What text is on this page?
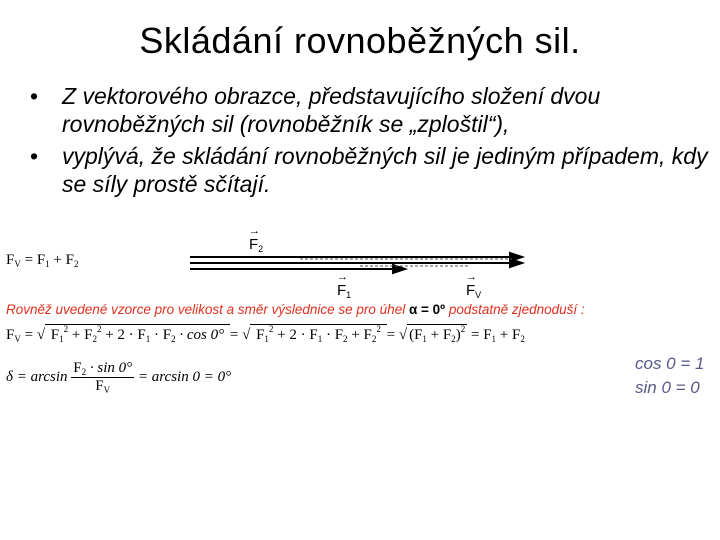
Skládání rovnoběžných sil.
• Z vektorového obrazce, představujícího složení dvou rovnoběžných sil (rovnoběžník se „zploštil“),
• vyplývá, že skládání rovnoběžných sil je jediným případem, kdy se síly prostě sčítají.
$F_V = F_1 + F_2$
→
$F_2$
→
$F_1$
→
$F_V$
Rovněž uvedené vzorce pro velikost a směr výslednice se pro úhel α = 0º podstatně zjednoduší :
$F_V$ = √ $F_1^2 + F_2^2 + 2 \cdot F_1 \cdot F_2 \cdot \cos 0^\circ$ = √ $F_1^2 + 2 \cdot F_1 \cdot F_2 + F_2^2$ = √ $(F_1 + F_2)^2 = F_1 + F_2$
$\delta = \arcsin \frac{F_2 \cdot \sin 0^\circ}{F_V} = \arcsin 0 = 0^\circ$
cos 0 = 1
sin 0 = 0
